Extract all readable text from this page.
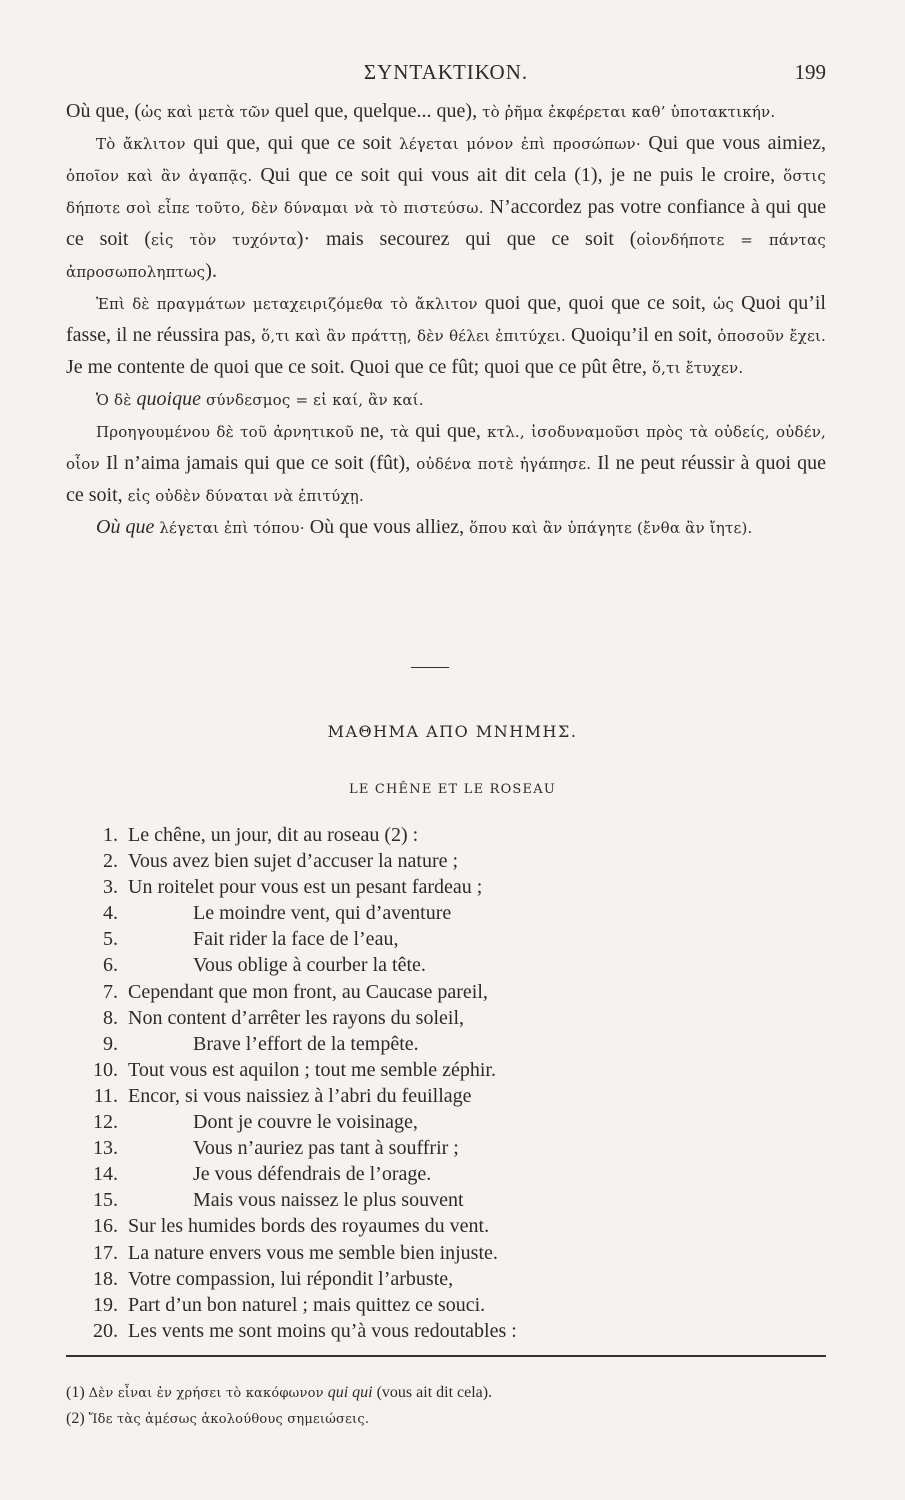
ΣΥΝΤΑΚΤΙΚΟΝ.	199

Où que, (ὡς καὶ μετὰ τῶν quel que, quelque... que), τὸ ῥῆμα ἐκφέρεται καθ’ ὑποτακτικήν.

Τὸ ἄκλιτον qui que, qui que ce soit λέγεται μόνον ἐπὶ προσώπων· Qui que vous aimiez, ὁποῖον καὶ ἂν ἀγαπᾷς. Qui que ce soit qui vous ait dit cela (1), je ne puis le croire, ὅστις δήποτε σοὶ εἶπε τοῦτο, δὲν δύναμαι νὰ τὸ πιστεύσω. N’accordez pas votre confiance à qui que ce soit (εἰς τὸν τυχόντα)· mais secourez qui que ce soit (οἱονδήποτε = πάντας ἀπροσωποληπτως).

Ἐπὶ δὲ πραγμάτων μεταχειριζόμεθα τὸ ἄκλιτον quoi que, quoi que ce soit, ὡς Quoi qu’il fasse, il ne réussira pas, ὅ,τι καὶ ἂν πράττῃ, δὲν θέλει ἐπιτύχει. Quoiqu’il en soit, ὁποσοῦν ἔχει. Je me contente de quoi que ce soit. Quoi que ce fût; quoi que ce pût être, ὅ,τι ἔτυχεν.

Ὁ δὲ quoique σύνδεσμος = εἰ καί, ἂν καί.

Προηγουμένου δὲ τοῦ ἀρνητικοῦ ne, τὰ qui que, κτλ., ἰσοδυναμοῦσι πρὸς τὰ οὐδείς, οὐδέν, οἷον Il n’aima jamais qui que ce soit (fût), οὐδένα ποτὲ ἠγάπησε. Il ne peut réussir à quoi que ce soit, εἰς οὐδὲν δύναται νὰ ἐπιτύχῃ.

Où que λέγεται ἐπὶ τόπου· Où que vous alliez, ὅπου καὶ ἂν ὑπάγητε (ἔνθα ἂν ἴητε).

ΜΑΘΗΜΑ ΑΠΟ ΜΝΗΜΗΣ.
LE CHÊNE ET LE ROSEAU
1. Le chêne, un jour, dit au roseau (2) :
2. Vous avez bien sujet d’accuser la nature ;
3. Un roitelet pour vous est un pesant fardeau ;
4.	Le moindre vent, qui d’aventure
5.	Fait rider la face de l’eau,
6.	Vous oblige à courber la tête.
7. Cependant que mon front, au Caucase pareil,
8. Non content d’arrêter les rayons du soleil,
9.	Brave l’effort de la tempête.
10. Tout vous est aquilon ; tout me semble zéphir.
11. Encor, si vous naissiez à l’abri du feuillage
12.	Dont je couvre le voisinage,
13.	Vous n’auriez pas tant à souffrir ;
14.	Je vous défendrais de l’orage.
15.	Mais vous naissez le plus souvent
16. Sur les humides bords des royaumes du vent.
17. La nature envers vous me semble bien injuste.
18. Votre compassion, lui répondit l’arbuste,
19. Part d’un bon naturel ; mais quittez ce souci.
20. Les vents me sont moins qu’à vous redoutables :
(1) Δὲν εἶναι ἐν χρήσει τὸ κακόφωνον qui qui (vous ait dit cela).
(2) Ἴδε τὰς ἀμέσως ἀκολούθους σημειώσεις.
